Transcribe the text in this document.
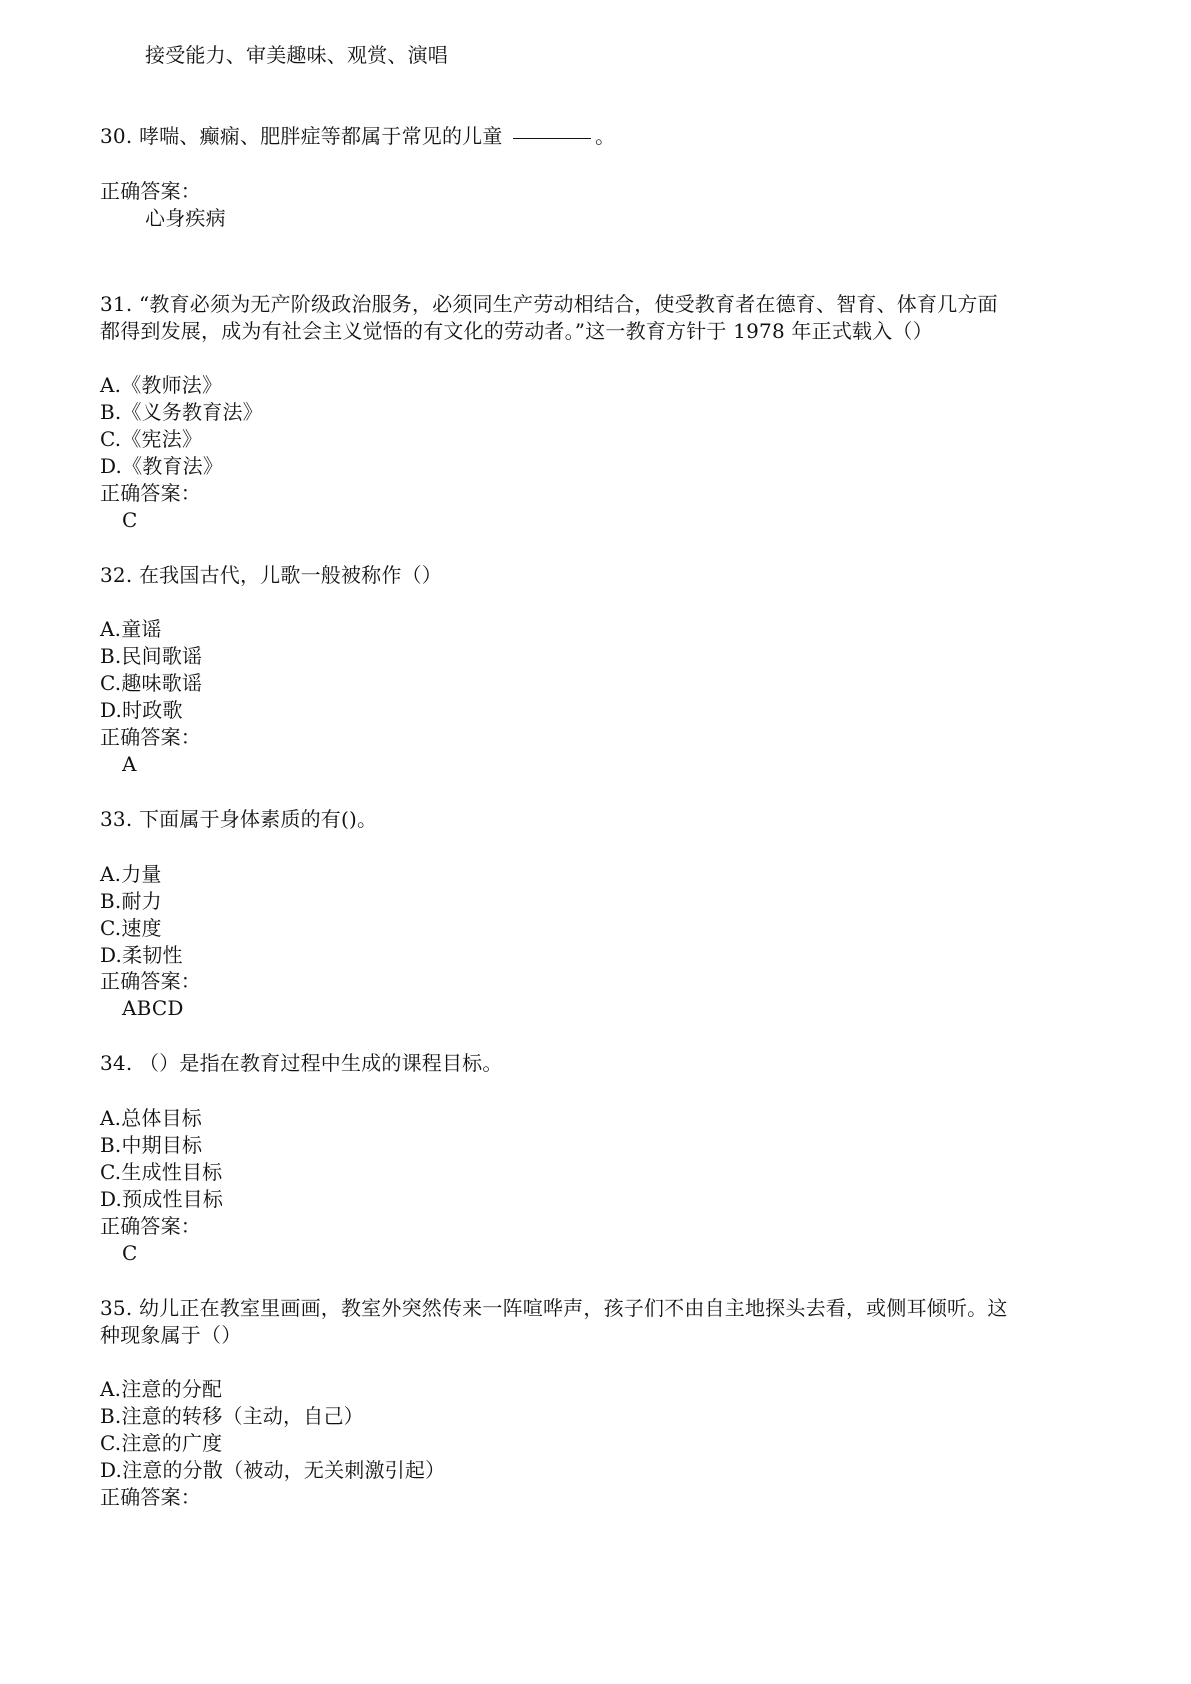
接受能力、审美趣味、观赏、演唱
30. 哮喘、癫痫、肥胖症等都属于常见的儿童	。
正确答案：
心身疾病
31. “教育必须为无产阶级政治服务，必须同生产劳动相结合，使受教育者在德育、智育、体育几方面
都得到发展，成为有社会主义觉悟的有文化的劳动者。”这一教育方针于 1978 年正式载入（）
A.《教师法》
B.《义务教育法》
C.《宪法》
D.《教育法》
正确答案：
C
32. 在我国古代，儿歌一般被称作（）
A.童谣
B.民间歌谣
C.趣味歌谣
D.时政歌
正确答案：
A
33. 下面属于身体素质的有()。
A.力量
B.耐力
C.速度
D.柔韧性
正确答案：
ABCD
34. （）是指在教育过程中生成的课程目标。
A.总体目标
B.中期目标
C.生成性目标
D.预成性目标
正确答案：
C
35. 幼儿正在教室里画画，教室外突然传来一阵喧哗声，孩子们不由自主地探头去看，或侧耳倾听。这
种现象属于（）
A.注意的分配
B.注意的转移（主动，自己）
C.注意的广度
D.注意的分散（被动，无关刺激引起）
正确答案：
